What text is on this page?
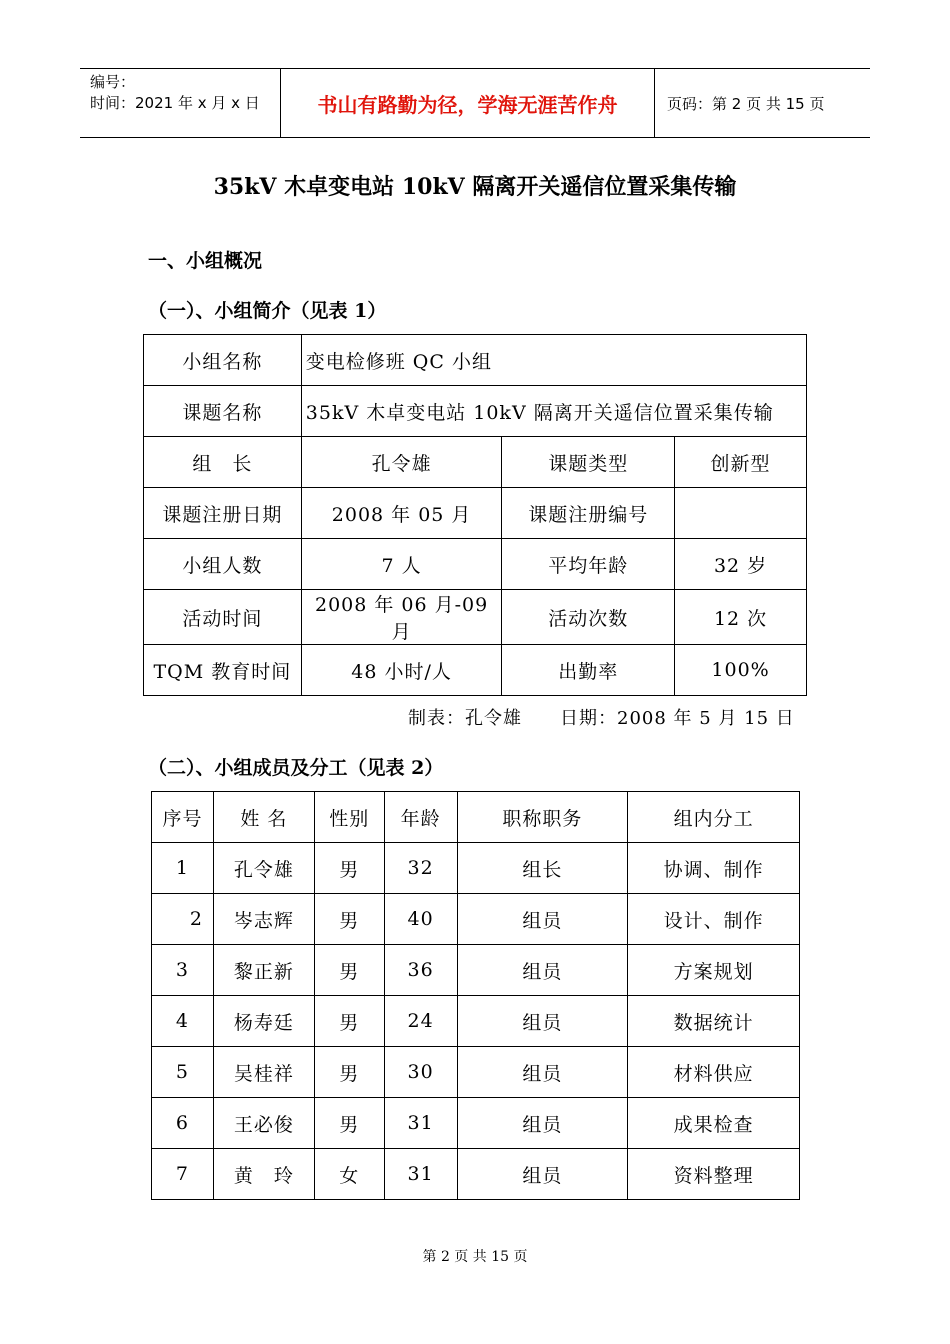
编号：
时间：2021 年 x 月 x 日	书山有路勤为径，学海无涯苦作舟	页码：第 2 页 共 15 页
35kV 木卓变电站 10kV 隔离开关遥信位置采集传输
一、小组概况
（一）、小组简介（见表 1）
小组名称	变电检修班 QC 小组		
课题名称	35kV 木卓变电站 10kV 隔离开关遥信位置采集传输		
组　长	孔令雄	课题类型	创新型
课题注册日期	2008 年 05 月	课题注册编号	
小组人数	7 人	平均年龄	32 岁
活动时间	2008 年 06 月-09 月	活动次数	12 次
TQM 教育时间	48 小时/人	出勤率	100%
制表：孔令雄　　日期：2008 年 5 月 15 日
（二）、小组成员及分工（见表 2）
序号	姓 名	性别	年龄	职称职务	组内分工
1	孔令雄	男	32	组长	协调、制作
2	岑志辉	男	40	组员	设计、制作
3	黎正新	男	36	组员	方案规划
4	杨寿廷	男	24	组员	数据统计
5	吴桂祥	男	30	组员	材料供应
6	王必俊	男	31	组员	成果检查
7	黄　玲	女	31	组员	资料整理
第 2 页 共 15 页
